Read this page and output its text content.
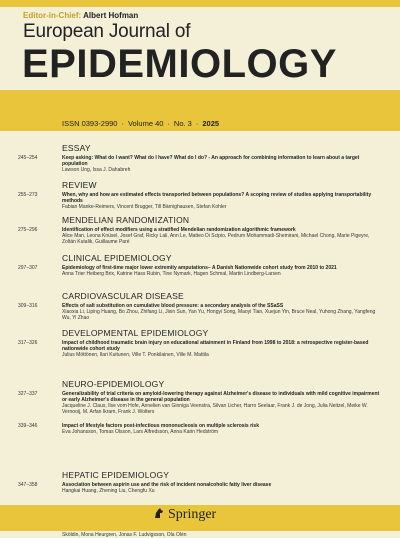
Editor-in-Chief: Albert Hofman
European Journal of
EPIDEMIOLOGY
ISSN 0393-2990 · Volume 40 · No. 3 · 2025
ESSAY
245–254	Keep asking: What do I want? What do I have? What do I do? - An approach for combining information to learn about a target population
Lawson Ung, Issa J. Dahabreh
REVIEW
255–273	When, why and how are estimated effects transported between populations? A scoping review of studies applying transportability methods
Fabian Manke-Reimers, Vincent Brugger, Till Bärnighausen, Stefan Kohler
MENDELIAN RANDOMIZATION
275–296	Identification of effect modifiers using a stratified Mendelian randomization algorithmic framework
Alice Man, Leona Knüsel, Josef Graf, Ricky Lali, Ann Le, Matteo Di Scipio, Pedrum Mohammadi-Shemirani, Michael Chong, Marie Pigeyre, Zoltán Kutalik, Guillaume Paré
CLINICAL EPIDEMIOLOGY
297–307	Epidemiology of first-time major lower extremity amputations– A Danish Nationwide cohort study from 2010 to 2021
Anna Trier Heiberg Brix, Katrine Hass Rubin, Tine Nymark, Hagen Schmal, Martin Lindberg-Larsen
CARDIOVASCULAR DISEASE
309–316	Effects of salt substitution on cumulative blood pressure: a secondary analysis of the SSaSS
Xiaoxia Li, Liping Huang, Bo Zhou, Zhifang Li, Jixin Sun, Yan Yu, Hongyi Song, Maoyi Tian, Xuejun Yin, Bruce Neal, Yuhong Zhang, Yangfeng Wu, Yi Zhao
DEVELOPMENTAL EPIDEMIOLOGY
317–326	Impact of childhood traumatic brain injury on educational attainment in Finland from 1998 to 2018: a retrospective register-based nationwide cohort study
Julius Möttönen, Ilari Kuitunen, Ville T. Ponkilainen, Ville M. Mattila
NEURO-EPIDEMIOLOGY
327–337	Generalizability of trial criteria on amyloid-lowering therapy against Alzheimer's disease to individuals with mild cognitive impairment or early Alzheimer's disease in the general population
Jacqueline J. Claus, Ilse vom Hofe, Annelien van Ginniga Veenstra, Silvan Licher, Harro Seelaar, Frank J. de Jong, Julia Neitzel, Meike W. Vernooij, M. Arfan Ikram, Frank J. Wolters
339–346	Impact of lifestyle factors post-infectious mononucleosis on multiple sclerosis risk
Eva Johansson, Tomas Olsson, Lars Alfredsson, Anna Karin Hedström
HEPATIC EPIDEMIOLOGY
347–358	Association between aspirin use and the risk of incident nonalcoholic fatty liver disease
Hangkai Huang, Zhening Liu, Chengfu Xu
Sköldin, Mona Heurgren, Jonas F. Ludvigsson, Ola Olén
Springer
